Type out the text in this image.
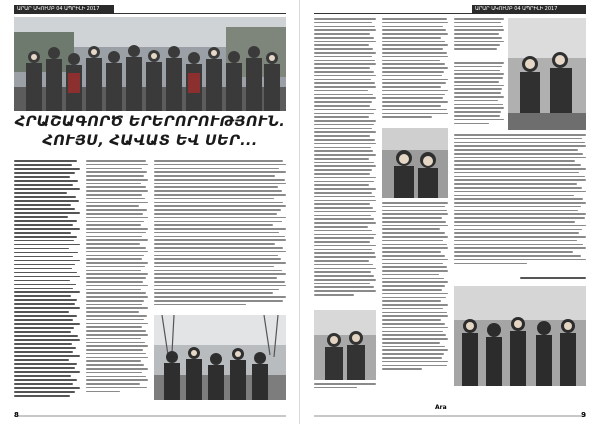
ԱՐԱՐ ԱԿՈՒՄԲ 04 ԱՊՐԻԼԻ 2017
ՀՐԱՇԱԳՈՐԾ ԵՐԵՐՈՐՈՒԹՅՈՒՆ.
ՀՈՒՅՍ, ՀԱՎԱՏ ԵՎ ՍԵՐ...
8
ԱՐԱՐ ԱԿՈՒՄԲ 04 ԱՊՐԻԼԻ 2017
Ara
9
